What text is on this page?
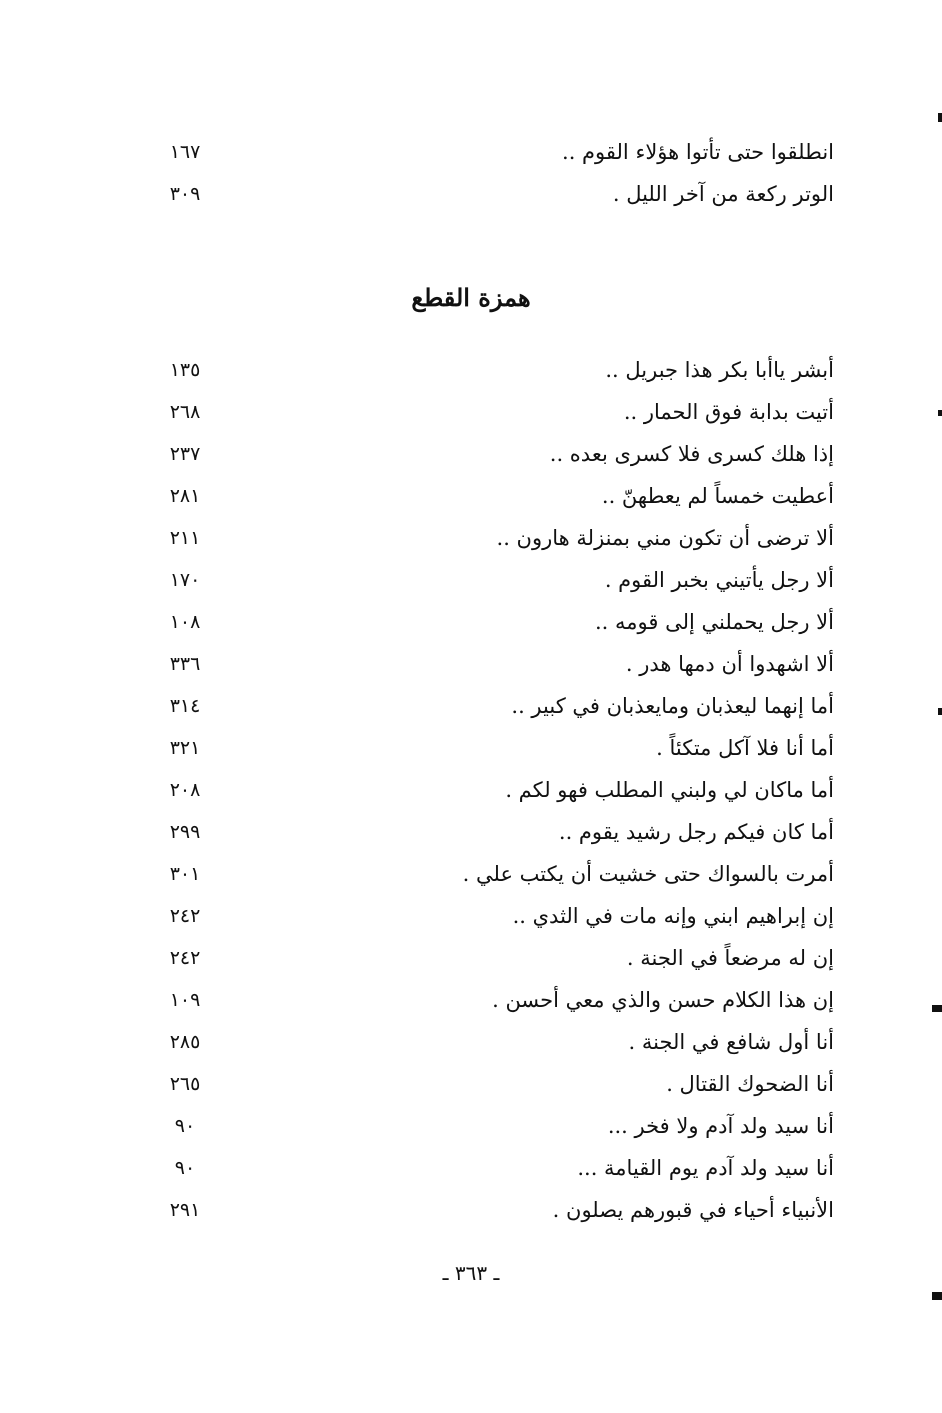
انطلقوا حتى تأتوا هؤلاء القوم ..
١٦٧
الوتر ركعة من آخر الليل .
٣٠٩
همزة القطع
أبشر ياأبا بكر هذا جبريل ..
١٣٥
أتيت بدابة فوق الحمار ..
٢٦٨
إذا هلك كسرى فلا كسرى بعده ..
٢٣٧
أعطيت خمساً لم يعطهنّ ..
٢٨١
ألا ترضى أن تكون مني بمنزلة هارون ..
٢١١
ألا رجل يأتيني بخبر القوم .
١٧٠
ألا رجل يحملني إلى قومه ..
١٠٨
ألا اشهدوا أن دمها هدر .
٣٣٦
أما إنهما ليعذبان ومايعذبان في كبير ..
٣١٤
أما أنا فلا آكل متكئاً .
٣٢١
أما ماكان لي ولبني المطلب فهو لكم .
٢٠٨
أما كان فيكم رجل رشيد يقوم ..
٢٩٩
أمرت بالسواك حتى خشيت أن يكتب علي .
٣٠١
إن إبراهيم ابني وإنه مات في الثدي ..
٢٤٢
إن له مرضعاً في الجنة .
٢٤٢
إن هذا الكلام حسن والذي معي أحسن .
١٠٩
أنا أول شافع في الجنة .
٢٨٥
أنا الضحوك القتال .
٢٦٥
أنا سيد ولد آدم ولا فخر ...
٩٠
أنا سيد ولد آدم يوم القيامة ...
٩٠
الأنبياء أحياء في قبورهم يصلون .
٢٩١
ـ ٣٦٣ ـ
